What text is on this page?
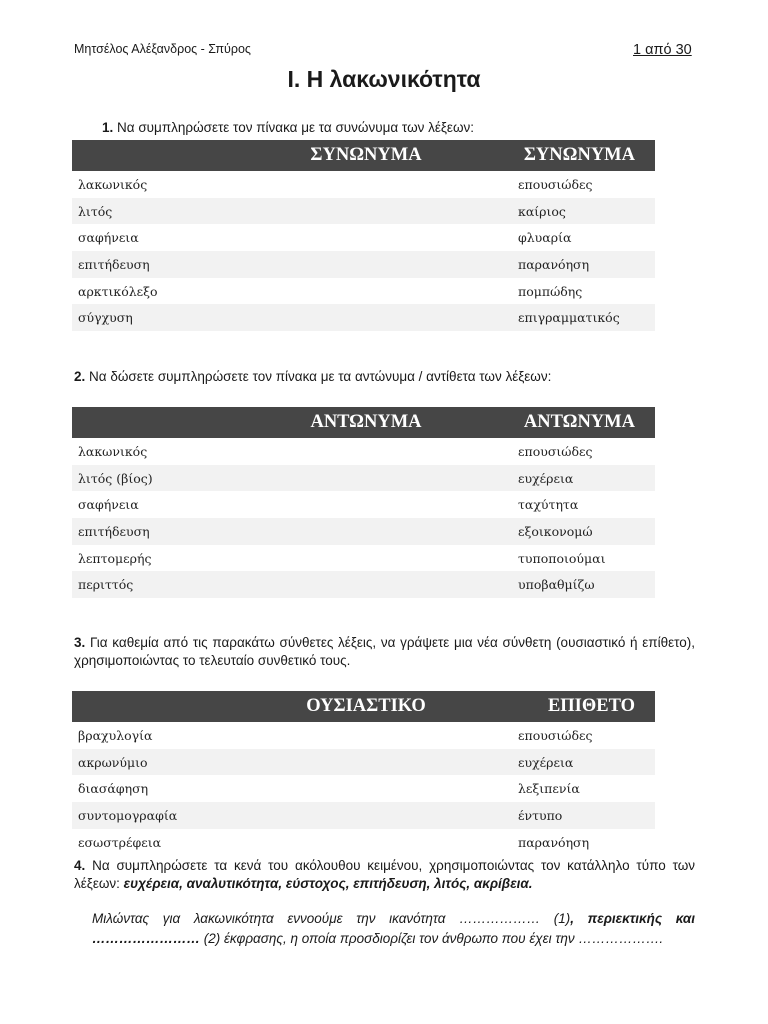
Μητσέλος Αλέξανδρος - Σπύρος	1 από 30
Ι. Η λακωνικότητα
1. Να συμπληρώσετε τον πίνακα με τα συνώνυμα των λέξεων:
ΣΥΝΩΝΥΜΑ	ΣΥΝΩΝΥΜΑ
λακωνικός	επουσιώδες
λιτός	καίριος
σαφήνεια	φλυαρία
επιτήδευση	παρανόηση
αρκτικόλεξο	πομπώδης
σύγχυση	επιγραμματικός
2. Να δώσετε συμπληρώσετε τον πίνακα με τα αντώνυμα / αντίθετα των λέξεων:
ΑΝΤΩΝΥΜΑ	ΑΝΤΩΝΥΜΑ
λακωνικός	επουσιώδες
λιτός (βίος)	ευχέρεια
σαφήνεια	ταχύτητα
επιτήδευση	εξοικονομώ
λεπτομερής	τυποποιούμαι
περιττός	υποβαθμίζω
3. Για καθεμία από τις παρακάτω σύνθετες λέξεις, να γράψετε μια νέα σύνθετη (ουσιαστικό ή επίθετο), χρησιμοποιώντας το τελευταίο συνθετικό τους.
ΟΥΣΙΑΣΤΙΚΟ	ΕΠΙΘΕΤΟ
βραχυλογία	επουσιώδες
ακρωνύμιο	ευχέρεια
διασάφηση	λεξιπενία
συντομογραφία	έντυπο
εσωστρέφεια	παρανόηση
4. Να συμπληρώσετε τα κενά του ακόλουθου κειμένου, χρησιμοποιώντας τον κατάλληλο τύπο των λέξεων: ευχέρεια, αναλυτικότητα, εύστοχος, επιτήδευση, λιτός, ακρίβεια.
Μιλώντας για λακωνικότητα εννοούμε την ικανότητα ……………… (1), περιεκτικής και …………………… (2) έκφρασης, η οποία προσδιορίζει τον άνθρωπο που έχει την ……………….
